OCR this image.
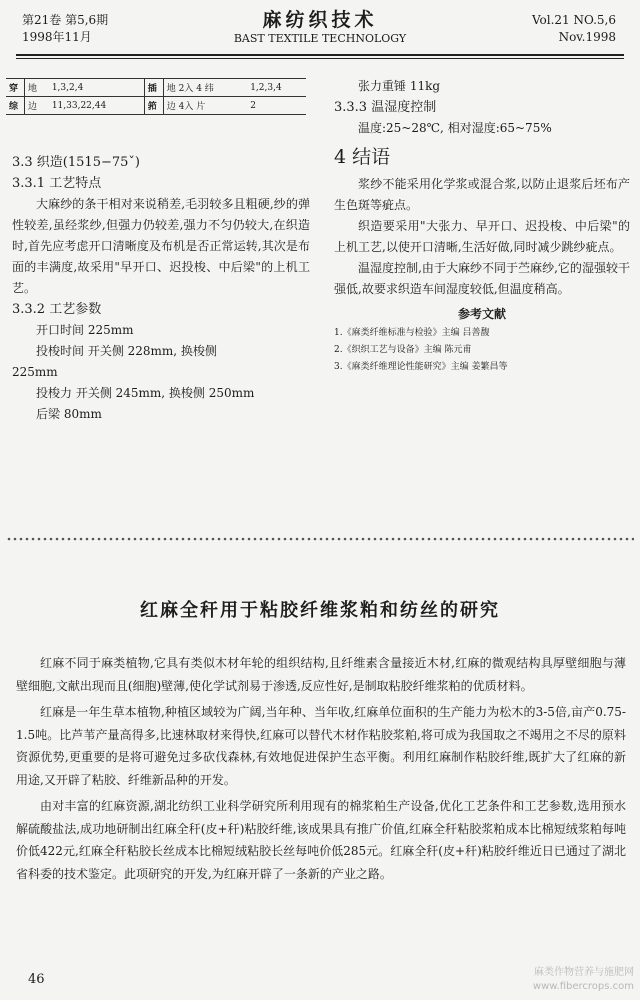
第21卷 第5,6期
1998年11月
麻纺织技术
BAST TEXTILE TECHNOLOGY
Vol.21 NO.5,6
Nov.1998
穿	地	1,3,2,4	插	地 2入 4 纬	1,2,3,4
综	边	11,33,22,44	筘	边 4入 片	2
3.3 织造(1515−75ˇ)
3.3.1 工艺特点

大麻纱的条干相对来说稍差,毛羽较多且粗硬,纱的弹性较差,虽经浆纱,但强力仍较差,强力不匀仍较大,在织造时,首先应考虑开口清晰度及布机是否正常运转,其次是布面的丰满度,故采用"早开口、迟投梭、中后梁"的上机工艺。

3.3.2 工艺参数
开口时间 225mm
投梭时间 开关侧 228mm, 换梭侧
225mm
投梭力 开关侧 245mm, 换梭侧 250mm
后梁 80mm
张力重锤 11kg
3.3.3 温湿度控制
温度:25~28℃, 相对湿度:65~75%
4 结语

浆纱不能采用化学浆或混合浆,以防止退浆后坯布产生色斑等疵点。

织造要采用"大张力、早开口、迟投梭、中后梁"的上机工艺,以使开口清晰,生活好做,同时减少跳纱疵点。

温湿度控制,由于大麻纱不同于苎麻纱,它的湿强较干强低,故要求织造车间湿度较低,但温度稍高。

参考文献
1.《麻类纤维标准与检验》主编 吕善馥
2.《织织工艺与设备》主编 陈元甫
3.《麻类纤维理论性能研究》主编 姜繁昌等
红麻全秆用于粘胶纤维浆粕和纺丝的研究

红麻不同于麻类植物,它具有类似木材年轮的组织结构,且纤维素含量接近木材,红麻的微观结构具厚壁细胞与薄壁细胞,文献出现而且(细胞)壁薄,使化学试剂易于渗透,反应性好,是制取粘胶纤维浆粕的优质材料。

红麻是一年生草本植物,种植区域较为广阔,当年种、当年收,红麻单位面积的生产能力为松木的3-5倍,亩产0.75-1.5吨。比芦苇产量高得多,比速林取材来得快,红麻可以替代木材作粘胶浆粕,将可成为我国取之不竭用之不尽的原料资源优势,更重要的是将可避免过多砍伐森林,有效地促进保护生态平衡。利用红麻制作粘胶纤维,既扩大了红麻的新用途,又开辟了粘胶、纤维新品种的开发。

由对丰富的红麻资源,湖北纺织工业科学研究所利用现有的棉浆粕生产设备,优化工艺条件和工艺参数,选用预水解硫酸盐法,成功地研制出红麻全秆(皮+秆)粘胶纤维,该成果具有推广价值,红麻全秆粘胶浆粕成本比棉短绒浆粕每吨价低422元,红麻全秆粘胶长丝成本比棉短绒粘胶长丝每吨价低285元。红麻全秆(皮+秆)粘胶纤维近日已通过了湖北省科委的技术鉴定。此项研究的开发,为红麻开辟了一条新的产业之路。

46	麻类作物营养与施肥网
www.fibercrops.com
